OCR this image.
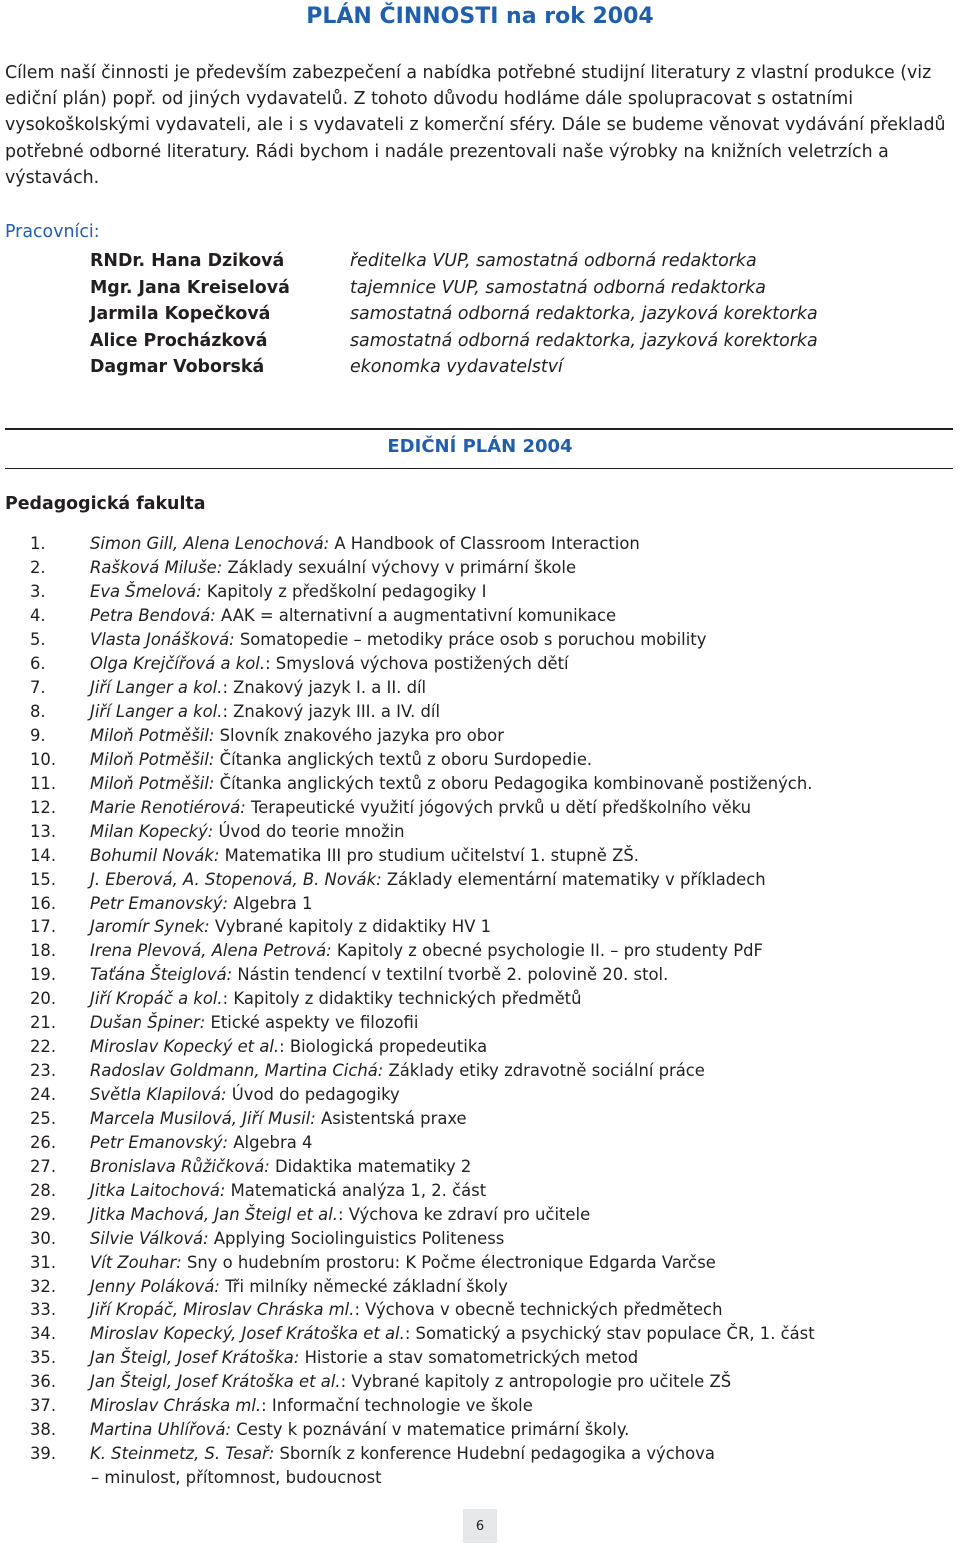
PLÁN ČINNOSTI na rok 2004

Cílem naší činnosti je především zabezpečení a nabídka potřebné studijní literatury z vlastní produkce (viz ediční plán) popř. od jiných vydavatelů. Z tohoto důvodu hodláme dále spolupracovat s ostatními vysokoškolskými vydavateli, ale i s vydavateli z komerční sféry. Dále se budeme věnovat vydávání překladů potřebné odborné literatury. Rádi bychom i nadále prezentovali naše výrobky na knižních veletrzích a výstavách.

Pracovníci:
RNDr. Hana Dziková	ředitelka VUP, samostatná odborná redaktorka
Mgr. Jana Kreiselová	tajemnice VUP, samostatná odborná redaktorka
Jarmila Kopečková	samostatná odborná redaktorka, jazyková korektorka
Alice Procházková	samostatná odborná redaktorka, jazyková korektorka
Dagmar Voborská	ekonomka vydavatelství
EDIČNÍ PLÁN 2004
Pedagogická fakulta
1.	Simon Gill, Alena Lenochová: A Handbook of Classroom Interaction
2.	Rašková Miluše: Základy sexuální výchovy v primární škole
3.	Eva Šmelová: Kapitoly z předškolní pedagogiky I
4.	Petra Bendová: AAK = alternativní a augmentativní komunikace
5.	Vlasta Jonášková: Somatopedie – metodiky práce osob s poruchou mobility
6.	Olga Krejčířová a kol.: Smyslová výchova postižených dětí
7.	Jiří Langer a kol.: Znakový jazyk I. a II. díl
8.	Jiří Langer a kol.: Znakový jazyk III. a IV. díl
9.	Miloň Potměšil: Slovník znakového jazyka pro obor
10.	Miloň Potměšil: Čítanka anglických textů z oboru Surdopedie.
11.	Miloň Potměšil: Čítanka anglických textů z oboru Pedagogika kombinovaně postižených.
12.	Marie Renotiérová: Terapeutické využití jógových prvků u dětí předškolního věku
13.	Milan Kopecký: Úvod do teorie množin
14.	Bohumil Novák: Matematika III pro studium učitelství 1. stupně ZŠ.
15.	J. Eberová, A. Stopenová, B. Novák: Základy elementární matematiky v příkladech
16.	Petr Emanovský: Algebra 1
17.	Jaromír Synek: Vybrané kapitoly z didaktiky HV 1
18.	Irena Plevová, Alena Petrová: Kapitoly z obecné psychologie II. – pro studenty PdF
19.	Taťána Šteiglová: Nástin tendencí v textilní tvorbě 2. polovině 20. stol.
20.	Jiří Kropáč a kol.: Kapitoly z didaktiky technických předmětů
21.	Dušan Špiner: Etické aspekty ve filozofii
22.	Miroslav Kopecký et al.: Biologická propedeutika
23.	Radoslav Goldmann, Martina Cichá: Základy etiky zdravotně sociální práce
24.	Světla Klapilová: Úvod do pedagogiky
25.	Marcela Musilová, Jiří Musil: Asistentská praxe
26.	Petr Emanovský: Algebra 4
27.	Bronislava Růžičková: Didaktika matematiky 2
28.	Jitka Laitochová: Matematická analýza 1, 2. část
29.	Jitka Machová, Jan Šteigl et al.: Výchova ke zdraví pro učitele
30.	Silvie Válková: Applying Sociolinguistics Politeness
31.	Vít Zouhar: Sny o hudebním prostoru: K Počme électronique Edgarda Varčse
32.	Jenny Poláková: Tři milníky německé základní školy
33.	Jiří Kropáč, Miroslav Chráska ml.: Výchova v obecně technických předmětech
34.	Miroslav Kopecký, Josef Krátoška et al.: Somatický a psychický stav populace ČR, 1. část
35.	Jan Šteigl, Josef Krátoška: Historie a stav somatometrických metod
36.	Jan Šteigl, Josef Krátoška et al.: Vybrané kapitoly z antropologie pro učitele ZŠ
37.	Miroslav Chráska ml.: Informační technologie ve škole
38.	Martina Uhlířová: Cesty k poznávání v matematice primární školy.
39.	K. Steinmetz, S. Tesař: Sborník z konference Hudební pedagogika a výchova
– minulost, přítomnost, budoucnost
6
